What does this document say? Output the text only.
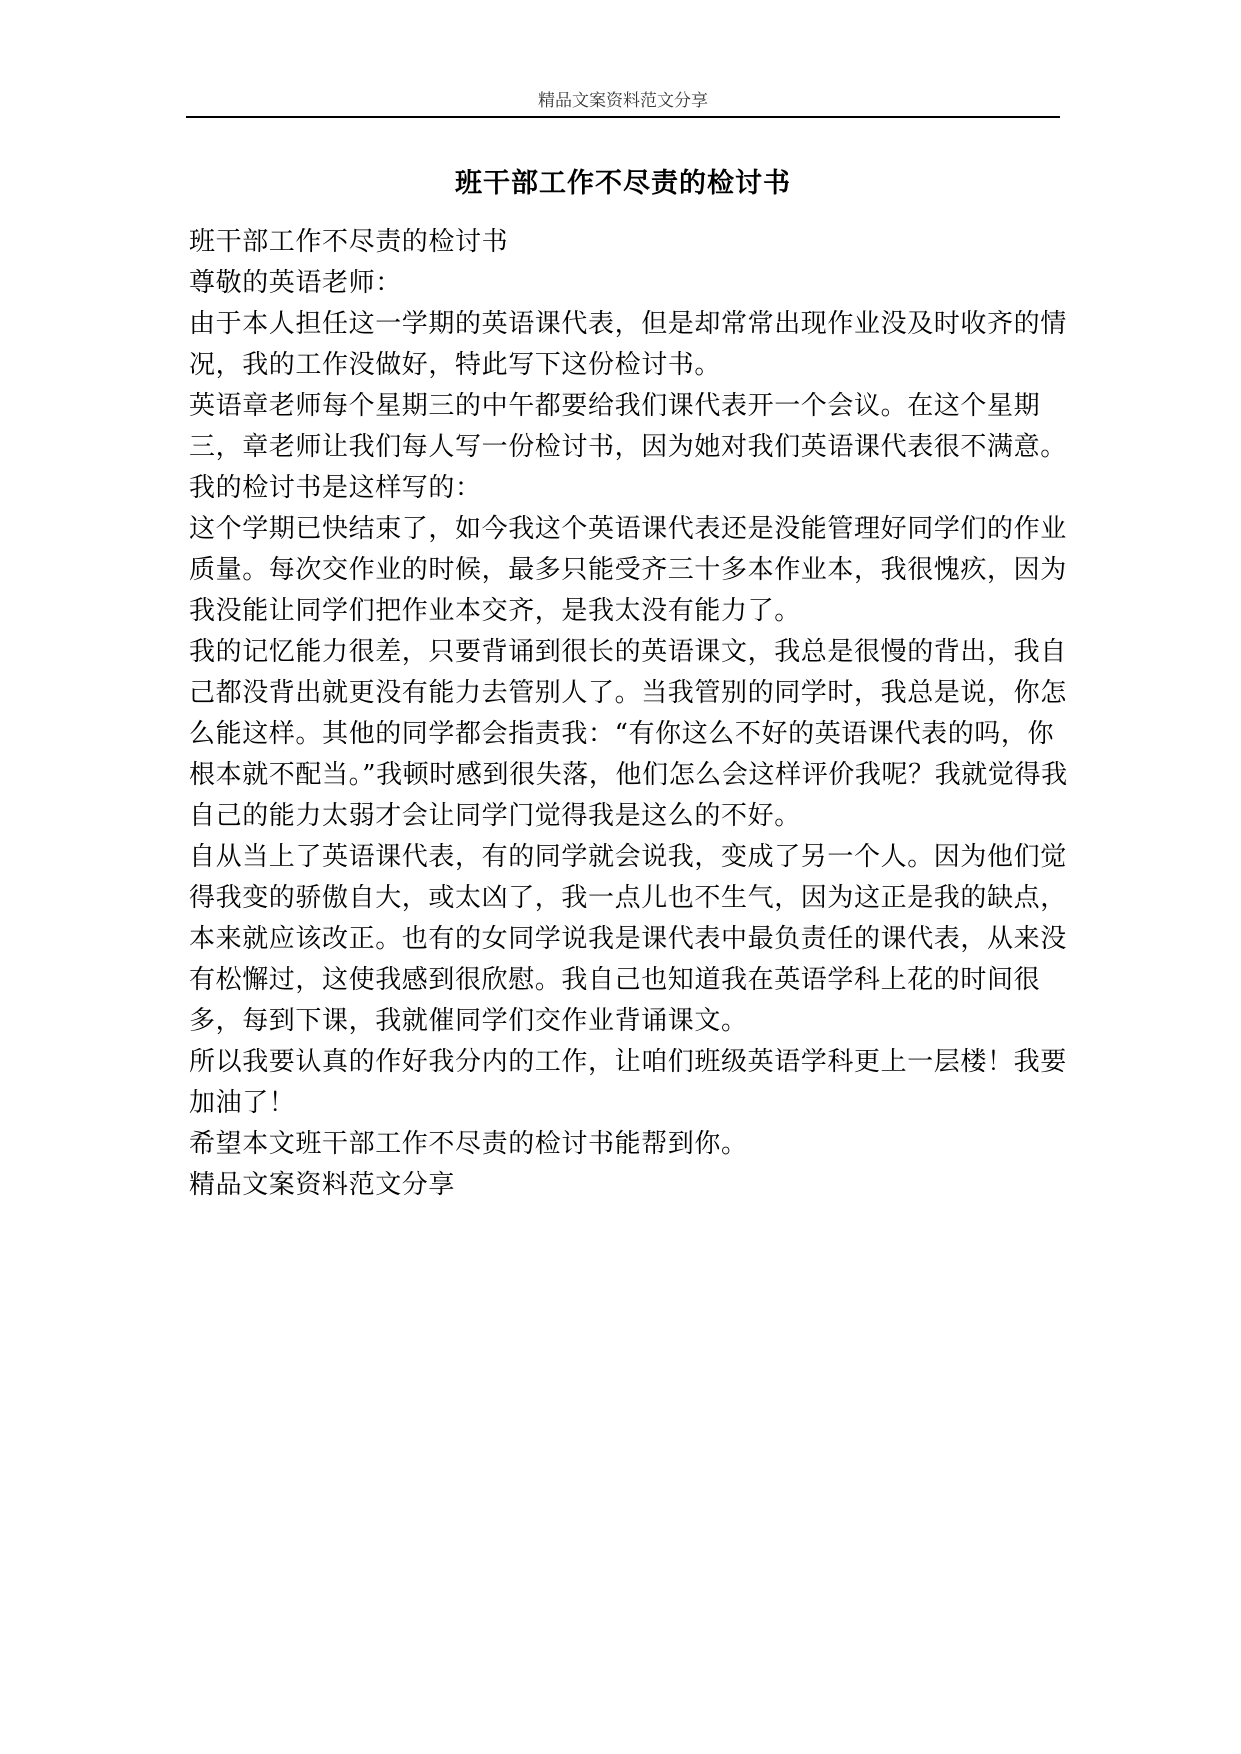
精品文案资料范文分享
班干部工作不尽责的检讨书

班干部工作不尽责的检讨书

尊敬的英语老师：

由于本人担任这一学期的英语课代表，但是却常常出现作业没及时收齐的情况，我的工作没做好，特此写下这份检讨书。

英语章老师每个星期三的中午都要给我们课代表开一个会议。在这个星期三，章老师让我们每人写一份检讨书，因为她对我们英语课代表很不满意。

我的检讨书是这样写的：

这个学期已快结束了，如今我这个英语课代表还是没能管理好同学们的作业质量。每次交作业的时候，最多只能受齐三十多本作业本，我很愧疚，因为我没能让同学们把作业本交齐，是我太没有能力了。

我的记忆能力很差，只要背诵到很长的英语课文，我总是很慢的背出，我自己都没背出就更没有能力去管别人了。当我管别的同学时，我总是说，你怎么能这样。其他的同学都会指责我：“有你这么不好的英语课代表的吗，你根本就不配当。”我顿时感到很失落，他们怎么会这样评价我呢？我就觉得我自己的能力太弱才会让同学门觉得我是这么的不好。

自从当上了英语课代表，有的同学就会说我，变成了另一个人。因为他们觉得我变的骄傲自大，或太凶了，我一点儿也不生气，因为这正是我的缺点，本来就应该改正。也有的女同学说我是课代表中最负责任的课代表，从来没有松懈过，这使我感到很欣慰。我自己也知道我在英语学科上花的时间很多，每到下课，我就催同学们交作业背诵课文。

所以我要认真的作好我分内的工作，让咱们班级英语学科更上一层楼！我要加油了！

希望本文班干部工作不尽责的检讨书能帮到你。

精品文案资料范文分享
